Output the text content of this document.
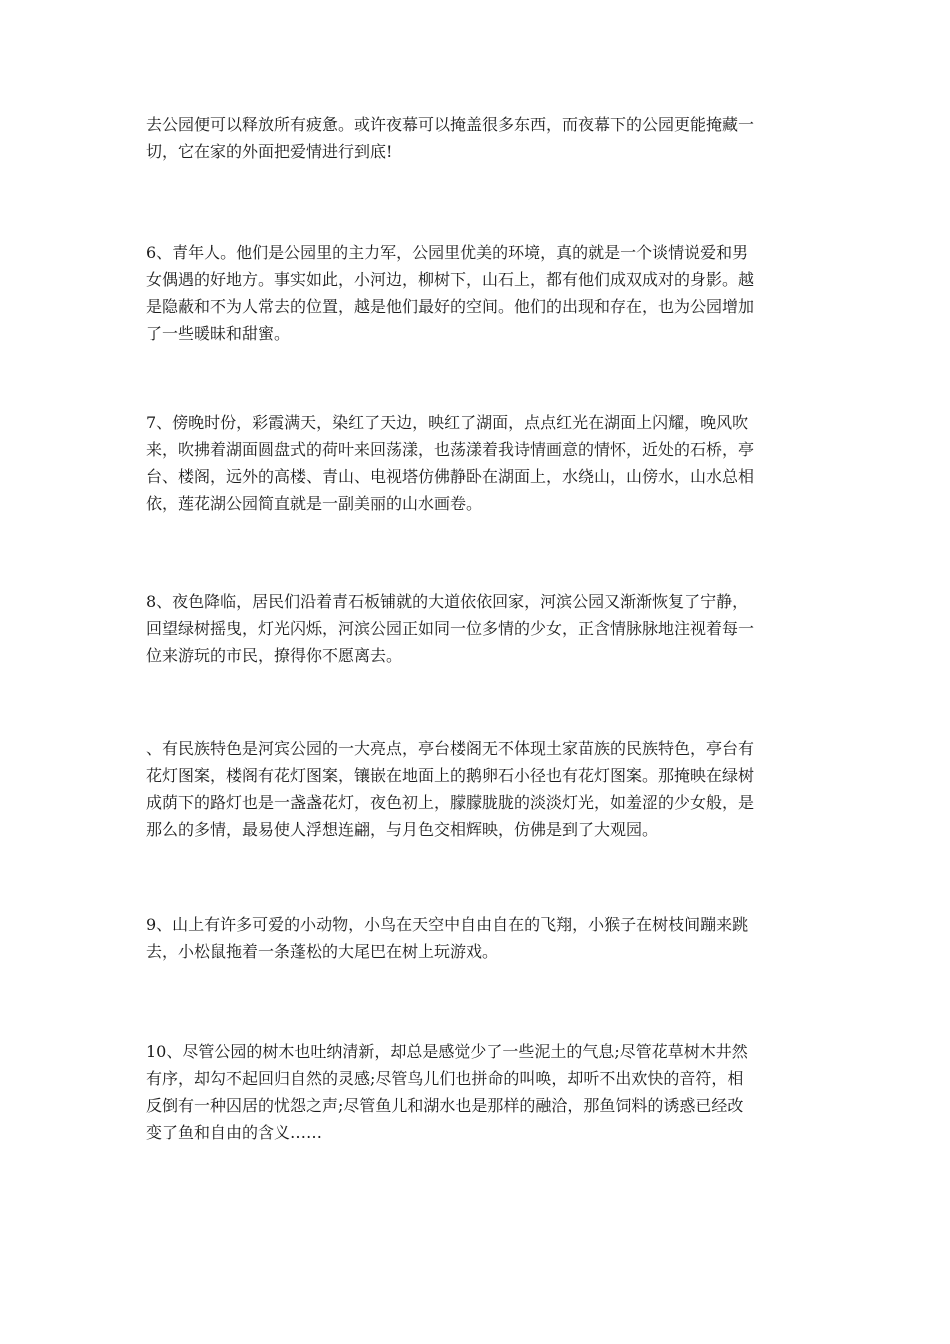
去公园便可以释放所有疲惫。或许夜幕可以掩盖很多东西，而夜幕下的公园更能掩藏一
切，它在家的外面把爱情进行到底!
6、青年人。他们是公园里的主力军，公园里优美的环境，真的就是一个谈情说爱和男
女偶遇的好地方。事实如此，小河边，柳树下，山石上，都有他们成双成对的身影。越
是隐蔽和不为人常去的位置，越是他们最好的空间。他们的出现和存在，也为公园增加
了一些暖昧和甜蜜。
7、傍晚时份，彩霞满天，染红了天边，映红了湖面，点点红光在湖面上闪耀，晚风吹
来，吹拂着湖面圆盘式的荷叶来回荡漾，也荡漾着我诗情画意的情怀，近处的石桥，亭
台、楼阁，远外的高楼、青山、电视塔仿佛静卧在湖面上，水绕山，山傍水，山水总相
依，莲花湖公园简直就是一副美丽的山水画卷。
8、夜色降临，居民们沿着青石板铺就的大道依依回家，河滨公园又渐渐恢复了宁静，
回望绿树摇曳，灯光闪烁，河滨公园正如同一位多情的少女，正含情脉脉地注视着每一
位来游玩的市民，撩得你不愿离去。
、有民族特色是河宾公园的一大亮点，亭台楼阁无不体现土家苗族的民族特色，亭台有
花灯图案，楼阁有花灯图案，镶嵌在地面上的鹅卵石小径也有花灯图案。那掩映在绿树
成荫下的路灯也是一盏盏花灯，夜色初上，朦朦胧胧的淡淡灯光，如羞涩的少女般，是
那么的多情，最易使人浮想连翩，与月色交相辉映，仿佛是到了大观园。
9、山上有许多可爱的小动物，小鸟在天空中自由自在的飞翔，小猴子在树枝间蹦来跳
去，小松鼠拖着一条蓬松的大尾巴在树上玩游戏。
10、尽管公园的树木也吐纳清新，却总是感觉少了一些泥土的气息;尽管花草树木井然
有序，却勾不起回归自然的灵感;尽管鸟儿们也拼命的叫唤，却听不出欢快的音符，相
反倒有一种囚居的忧怨之声;尽管鱼儿和湖水也是那样的融洽，那鱼饲料的诱惑已经改
变了鱼和自由的含义……
